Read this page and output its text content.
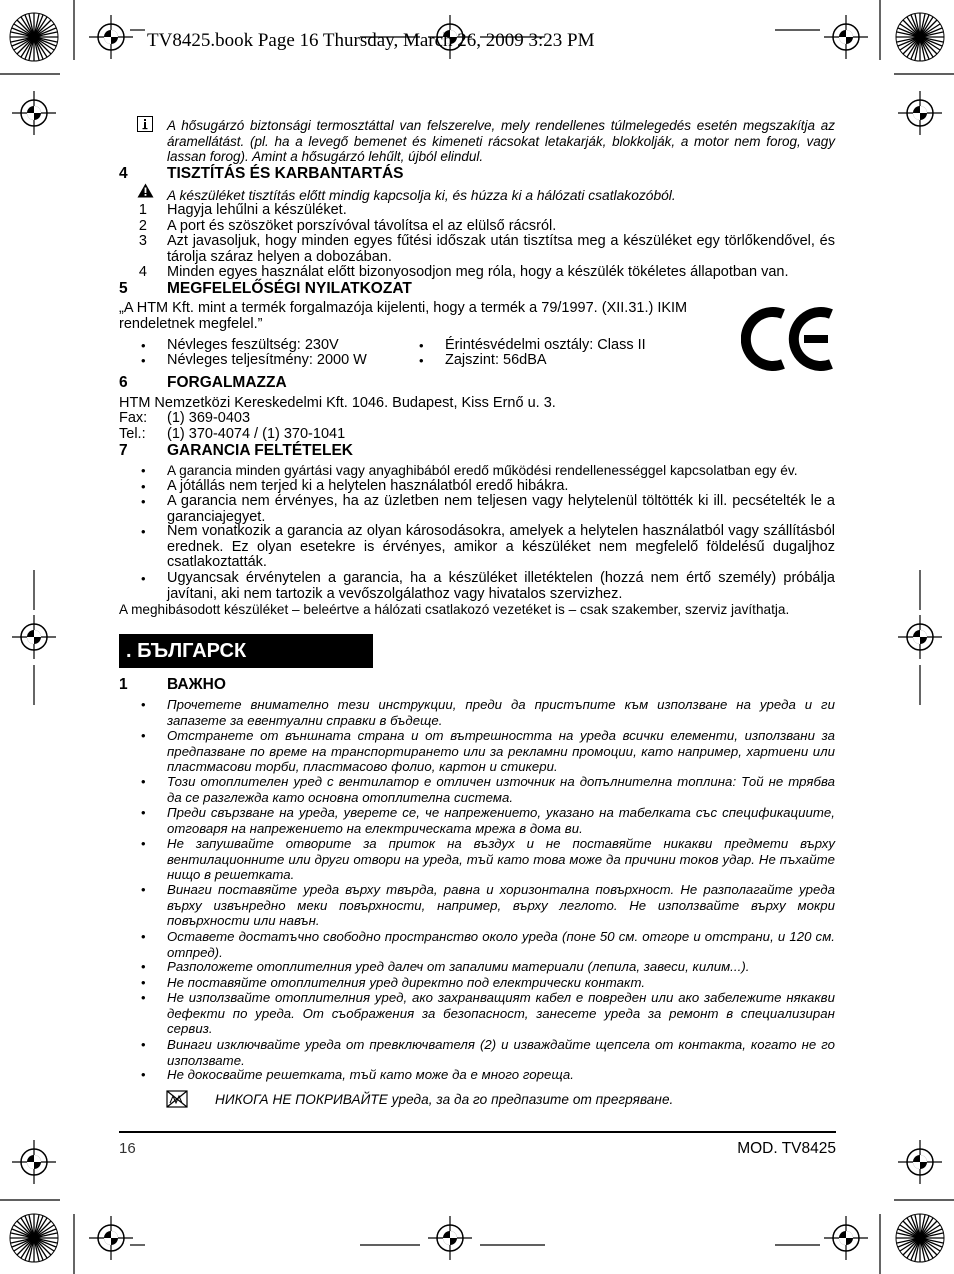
TV8425.book Page 16 Thursday, March 26, 2009 3:23 PM
A hősugárzó biztonsági termosztáttal van felszerelve, mely rendellenes túlmelegedés esetén megszakítja az áramellátást. (pl. ha a levegő bemenet és kimeneti rácsokat letakarják, blokkolják, a motor nem forog, vagy lassan forog). Amint a hősugárzó lehűlt, újból elindul.
4	TISZTÍTÁS ÉS KARBANTARTÁS
A készüléket tisztítás előtt mindig kapcsolja ki, és húzza ki a hálózati csatlakozóból.
1 Hagyja lehűlni a készüléket.
2 A port és szöszöket porszívóval távolítsa el az elülső rácsról.
3 Azt javasoljuk, hogy minden egyes fűtési időszak után tisztítsa meg a készüléket egy törlőkendővel, és tárolja száraz helyen a dobozában.
4 Minden egyes használat előtt bizonyosodjon meg róla, hogy a készülék tökéletes állapotban van.
5	MEGFELELŐSÉGI NYILATKOZAT
„A HTM Kft. mint a termék forgalmazója kijelenti, hogy a termék a 79/1997. (XII.31.) IKIM rendeletnek megfelel.”
• Névleges feszültség: 230V
• Névleges teljesítmény: 2000 W
• Érintésvédelmi osztály: Class II
• Zajszint: 56dBA
6	FORGALMAZZA
HTM Nemzetközi Kereskedelmi Kft. 1046. Budapest, Kiss Ernő u. 3.
Fax: (1) 369-0403
Tel.: (1) 370-4074 / (1) 370-1041
7	GARANCIA FELTÉTELEK
• A garancia minden gyártási vagy anyaghibából eredő működési rendellenességgel kapcsolatban egy év.
• A jótállás nem terjed ki a helytelen használatból eredő hibákra.
• A garancia nem érvényes, ha az üzletben nem teljesen vagy helytelenül töltötték ki ill. pecsételték le a garanciajegyet.
• Nem vonatkozik a garancia az olyan károsodásokra, amelyek a helytelen használatból vagy szállításból erednek. Ez olyan esetekre is érvényes, amikor a készüléket nem megfelelő földelésű dugaljhoz csatlakoztatták.
• Ugyancsak érvénytelen a garancia, ha a készüléket illetéktelen (hozzá nem értő személy) próbálja javítani, aki nem tartozik a vevőszolgálathoz vagy hivatalos szervizhez.
A meghibásodott készüléket – beleértve a hálózati csatlakozó vezetéket is – csak szakember, szerviz javíthatja.
. БЪЛГАРСК
1	ВАЖНО
• Прочетете внимателно тези инструкции, преди да пристъпите към използване на уреда и ги запазете за евентуални справки в бъдеще.
• Отстранете от външната страна и от вътрешността на уреда всички елементи, използвани за предпазване по време на транспортирането или за рекламни промоции, като например, хартиени или пластмасови торби, пластмасово фолио, картон и стикери.
• Този отоплителен уред с вентилатор е отличен източник на допълнителна топлина: Той не трябва да се разглежда като основна отоплителна система.
• Преди свързване на уреда, уверете се, че напрежението, указано на табелката със спецификациите, отговаря на напрежението на електрическата мрежа в дома ви.
• Не запушвайте отворите за приток на въздух и не поставяйте никакви предмети върху вентилационните или други отвори на уреда, тъй като това може да причини токов удар. Не пъхайте нищо в решетката.
• Винаги поставяйте уреда върху твърда, равна и хоризонтална повърхност. Не разполагайте уреда върху извънредно меки повърхности, например, върху леглото. Не използвайте върху мокри повърхности или навън.
• Оставете достатъчно свободно пространство около уреда (поне 50 см. отгоре и отстрани, и 120 см. отпред).
• Разположете отоплителния уред далеч от запалими материали (лепила, завеси, килим...).
• Не поставяйте отоплителния уред директно под електрически контакт.
• Не използвайте отоплителния уред, ако захранващият кабел е повреден или ако забележите някакви дефекти по уреда. От съображения за безопасност, занесете уреда за ремонт в специализиран сервиз.
• Винаги изключвайте уреда от превключвателя (2) и изваждайте щепсела от контакта, когато не го използвате.
• Не докосвайте решетката, тъй като може да е много гореща.
НИКОГА НЕ ПОКРИВАЙТЕ уреда, за да го предпазите от прегряване.
16	MOD. TV8425
